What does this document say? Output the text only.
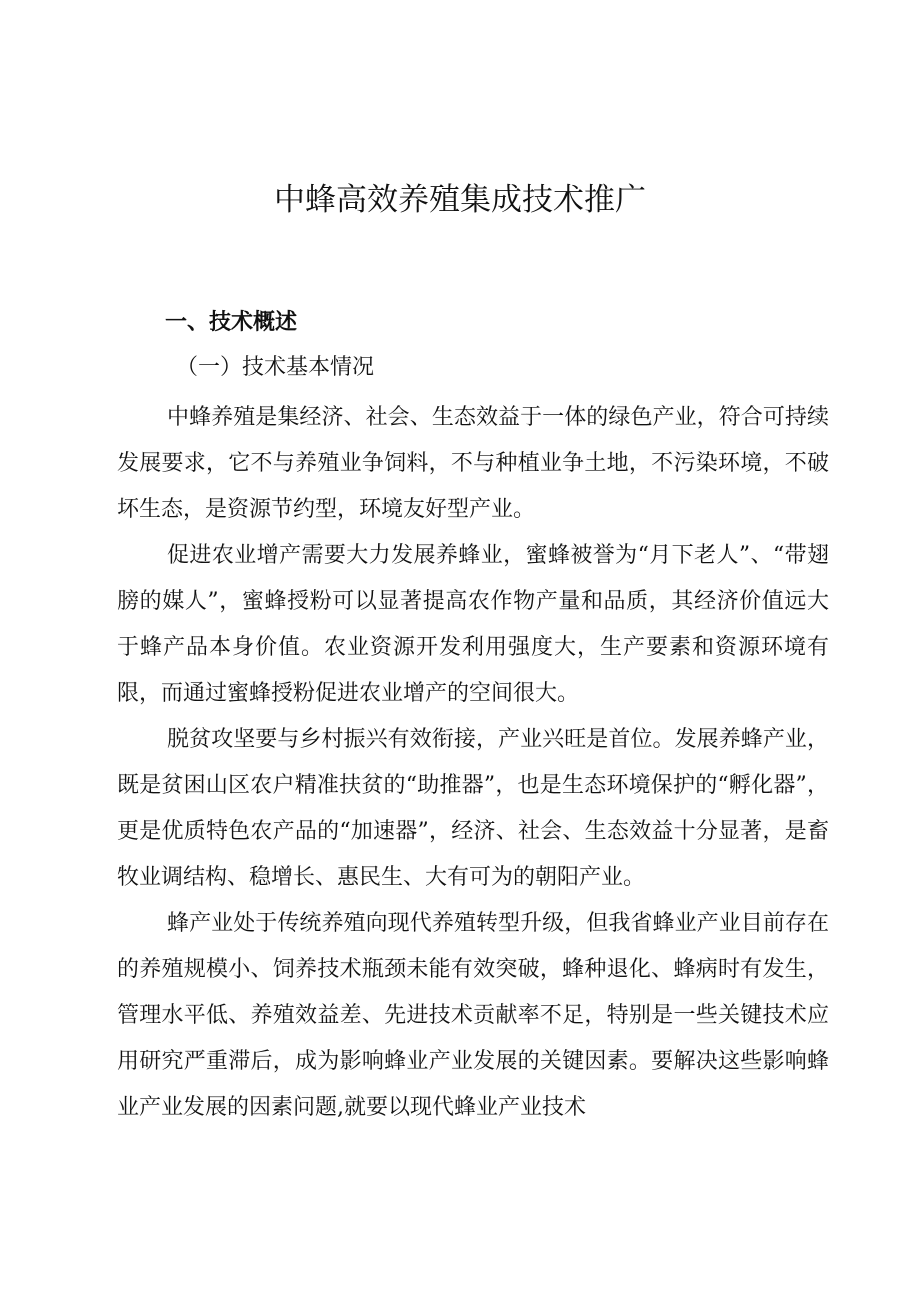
中蜂高效养殖集成技术推广
一、技术概述
（一）技术基本情况

中蜂养殖是集经济、社会、生态效益于一体的绿色产业，符合可持续发展要求，它不与养殖业争饲料，不与种植业争土地，不污染环境，不破坏生态，是资源节约型，环境友好型产业。

促进农业增产需要大力发展养蜂业，蜜蜂被誉为“月下老人”、“带翅膀的媒人”，蜜蜂授粉可以显著提高农作物产量和品质，其经济价值远大于蜂产品本身价值。农业资源开发利用强度大，生产要素和资源环境有限，而通过蜜蜂授粉促进农业增产的空间很大。

脱贫攻坚要与乡村振兴有效衔接，产业兴旺是首位。发展养蜂产业，既是贫困山区农户精准扶贫的“助推器”，也是生态环境保护的“孵化器”，更是优质特色农产品的“加速器”，经济、社会、生态效益十分显著，是畜牧业调结构、稳增长、惠民生、大有可为的朝阳产业。

蜂产业处于传统养殖向现代养殖转型升级，但我省蜂业产业目前存在的养殖规模小、饲养技术瓶颈未能有效突破，蜂种退化、蜂病时有发生，管理水平低、养殖效益差、先进技术贡献率不足，特别是一些关键技术应用研究严重滞后，成为影响蜂业产业发展的关键因素。要解决这些影响蜂业产业发展的因素问题,就要以现代蜂业产业技术
